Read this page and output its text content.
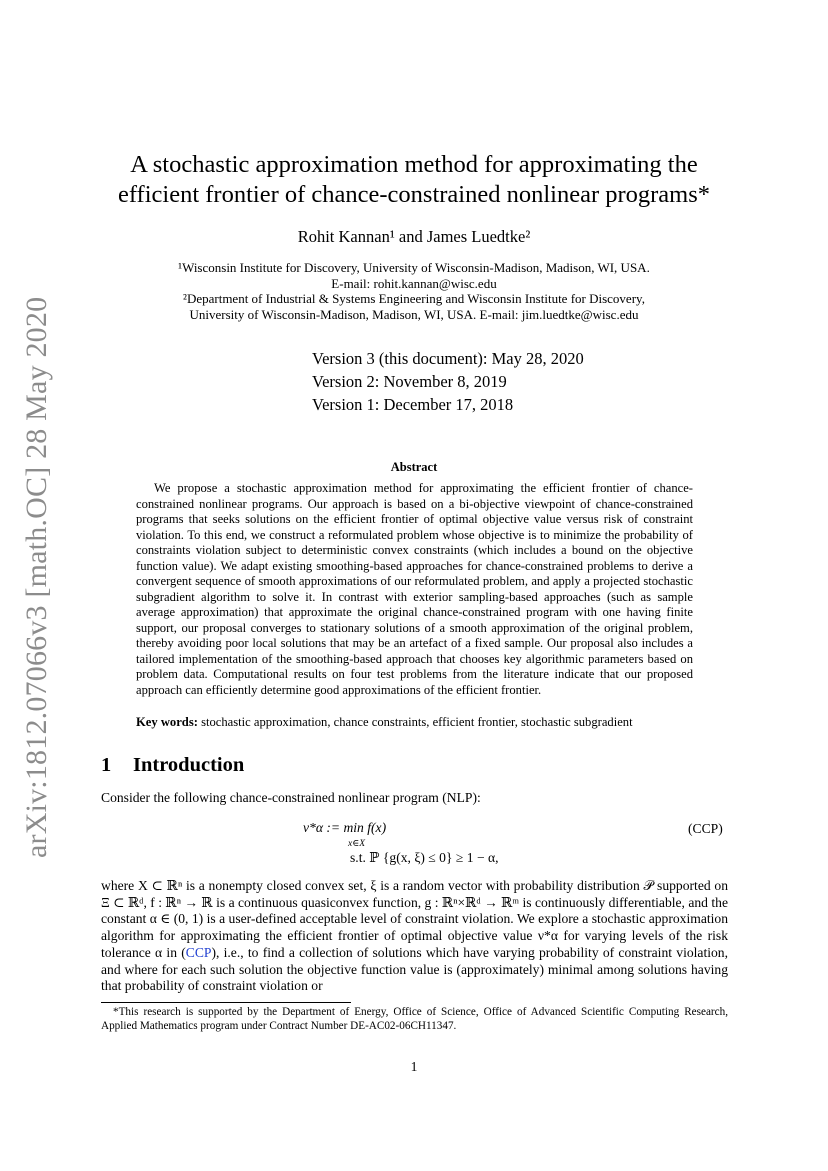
arXiv:1812.07066v3 [math.OC] 28 May 2020
A stochastic approximation method for approximating the
efficient frontier of chance-constrained nonlinear programs*
Rohit Kannan¹ and James Luedtke²
¹Wisconsin Institute for Discovery, University of Wisconsin-Madison, Madison, WI, USA.
E-mail: rohit.kannan@wisc.edu
²Department of Industrial & Systems Engineering and Wisconsin Institute for Discovery,
University of Wisconsin-Madison, Madison, WI, USA. E-mail: jim.luedtke@wisc.edu
Version 3 (this document): May 28, 2020
Version 2: November 8, 2019
Version 1: December 17, 2018
Abstract
We propose a stochastic approximation method for approximating the efficient frontier of chance-constrained nonlinear programs. Our approach is based on a bi-objective viewpoint of chance-constrained programs that seeks solutions on the efficient frontier of optimal objective value versus risk of constraint violation. To this end, we construct a reformulated problem whose objective is to minimize the probability of constraints violation subject to deterministic convex constraints (which includes a bound on the objective function value). We adapt existing smoothing-based approaches for chance-constrained problems to derive a convergent sequence of smooth approximations of our reformulated problem, and apply a projected stochastic subgradient algorithm to solve it. In contrast with exterior sampling-based approaches (such as sample average approximation) that approximate the original chance-constrained program with one having finite support, our proposal converges to stationary solutions of a smooth approximation of the original problem, thereby avoiding poor local solutions that may be an artefact of a fixed sample. Our proposal also includes a tailored implementation of the smoothing-based approach that chooses key algorithmic parameters based on problem data. Computational results on four test problems from the literature indicate that our proposed approach can efficiently determine good approximations of the efficient frontier.
Key words: stochastic approximation, chance constraints, efficient frontier, stochastic subgradient
1 Introduction
Consider the following chance-constrained nonlinear program (NLP):
ν*α := min f(x)
x∈X
(CCP)
s.t. ℙ {g(x, ξ) ≤ 0} ≥ 1 − α,
where X ⊂ ℝⁿ is a nonempty closed convex set, ξ is a random vector with probability distribution 𝒫 supported on Ξ ⊂ ℝᵈ, f : ℝⁿ → ℝ is a continuous quasiconvex function, g : ℝⁿ×ℝᵈ → ℝᵐ is continuously differentiable, and the constant α ∈ (0, 1) is a user-defined acceptable level of constraint violation. We explore a stochastic approximation algorithm for approximating the efficient frontier of optimal objective value ν*α for varying levels of the risk tolerance α in (CCP), i.e., to find a collection of solutions which have varying probability of constraint violation, and where for each such solution the objective function value is (approximately) minimal among solutions having that probability of constraint violation or
*This research is supported by the Department of Energy, Office of Science, Office of Advanced Scientific Computing Research, Applied Mathematics program under Contract Number DE-AC02-06CH11347.
1
